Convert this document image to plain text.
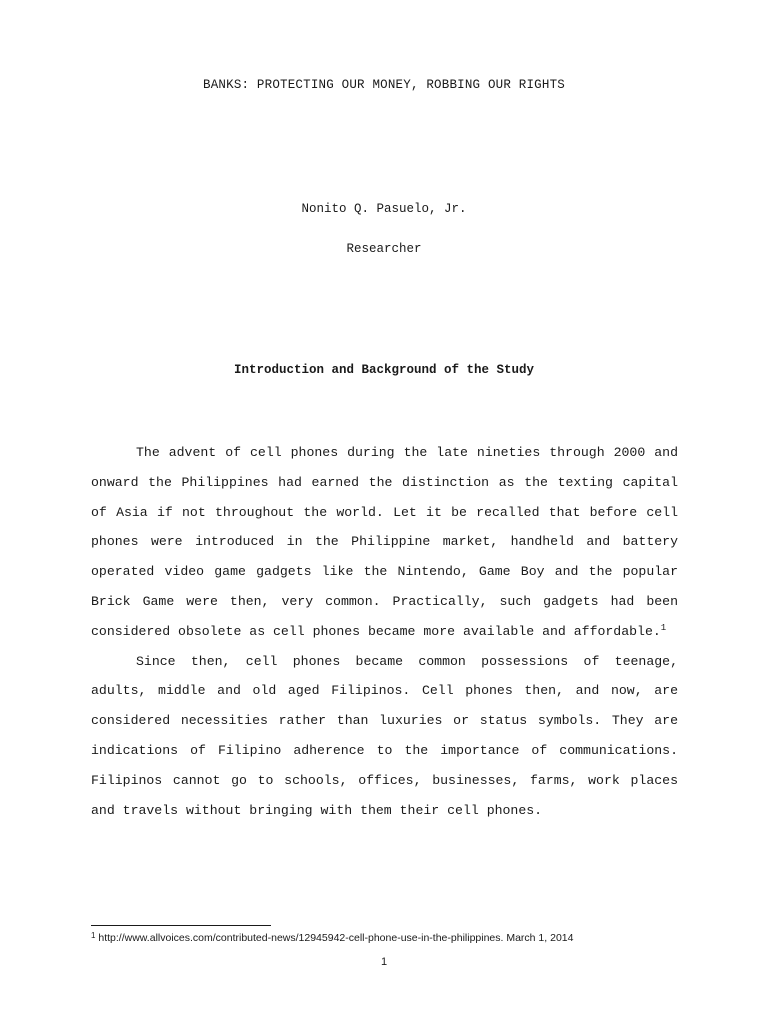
BANKS: PROTECTING OUR MONEY, ROBBING OUR RIGHTS
Nonito Q. Pasuelo, Jr.
Researcher
Introduction and Background of the Study

The advent of cell phones during the late nineties through 2000 and onward the Philippines had earned the distinction as the texting capital of Asia if not throughout the world. Let it be recalled that before cell phones were introduced in the Philippine market, handheld and battery operated video game gadgets like the Nintendo, Game Boy and the popular Brick Game were then, very common. Practically, such gadgets had been considered obsolete as cell phones became more available and affordable.$^1$

Since then, cell phones became common possessions of teenage, adults, middle and old aged Filipinos. Cell phones then, and now, are considered necessities rather than luxuries or status symbols. They are indications of Filipino adherence to the importance of communications. Filipinos cannot go to schools, offices, businesses, farms, work places and travels without bringing with them their cell phones.

$^1$ http://www.allvoices.com/contributed-news/12945942-cell-phone-use-in-the-philippines. March 1, 2014
1
